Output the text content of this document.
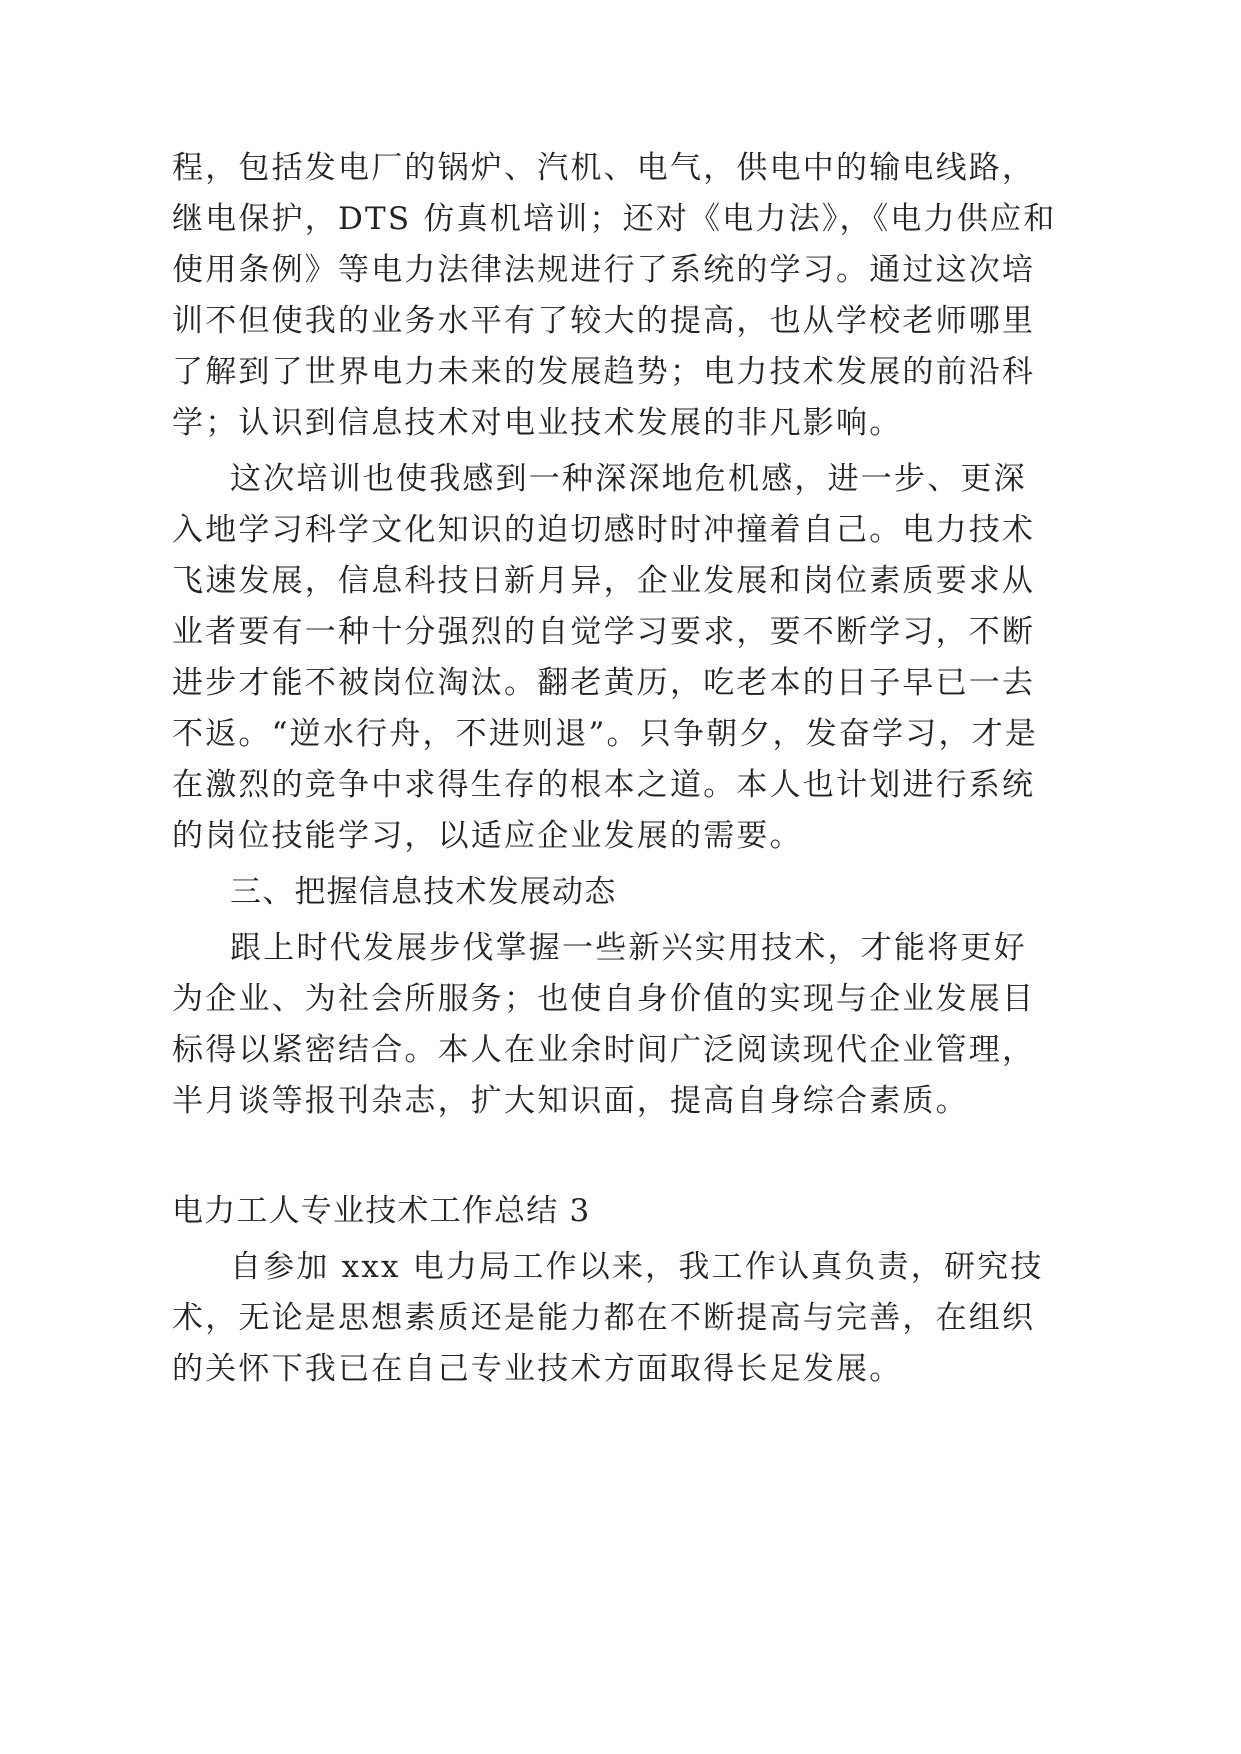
程，包括发电厂的锅炉、汽机、电气，供电中的输电线路，
继电保护，DTS 仿真机培训；还对《电力法》，《电力供应和
使用条例》等电力法律法规进行了系统的学习。通过这次培
训不但使我的业务水平有了较大的提高，也从学校老师哪里
了解到了世界电力未来的发展趋势；电力技术发展的前沿科
学；认识到信息技术对电业技术发展的非凡影响。
这次培训也使我感到一种深深地危机感，进一步、更深
入地学习科学文化知识的迫切感时时冲撞着自己。电力技术
飞速发展，信息科技日新月异，企业发展和岗位素质要求从
业者要有一种十分强烈的自觉学习要求，要不断学习，不断
进步才能不被岗位淘汰。翻老黄历，吃老本的日子早已一去
不返。“逆水行舟，不进则退”。只争朝夕，发奋学习，才是
在激烈的竞争中求得生存的根本之道。本人也计划进行系统
的岗位技能学习，以适应企业发展的需要。
三、把握信息技术发展动态
跟上时代发展步伐掌握一些新兴实用技术，才能将更好
为企业、为社会所服务；也使自身价值的实现与企业发展目
标得以紧密结合。本人在业余时间广泛阅读现代企业管理，
半月谈等报刊杂志，扩大知识面，提高自身综合素质。
电力工人专业技术工作总结 3
自参加 xxx 电力局工作以来，我工作认真负责，研究技
术，无论是思想素质还是能力都在不断提高与完善，在组织
的关怀下我已在自己专业技术方面取得长足发展。
